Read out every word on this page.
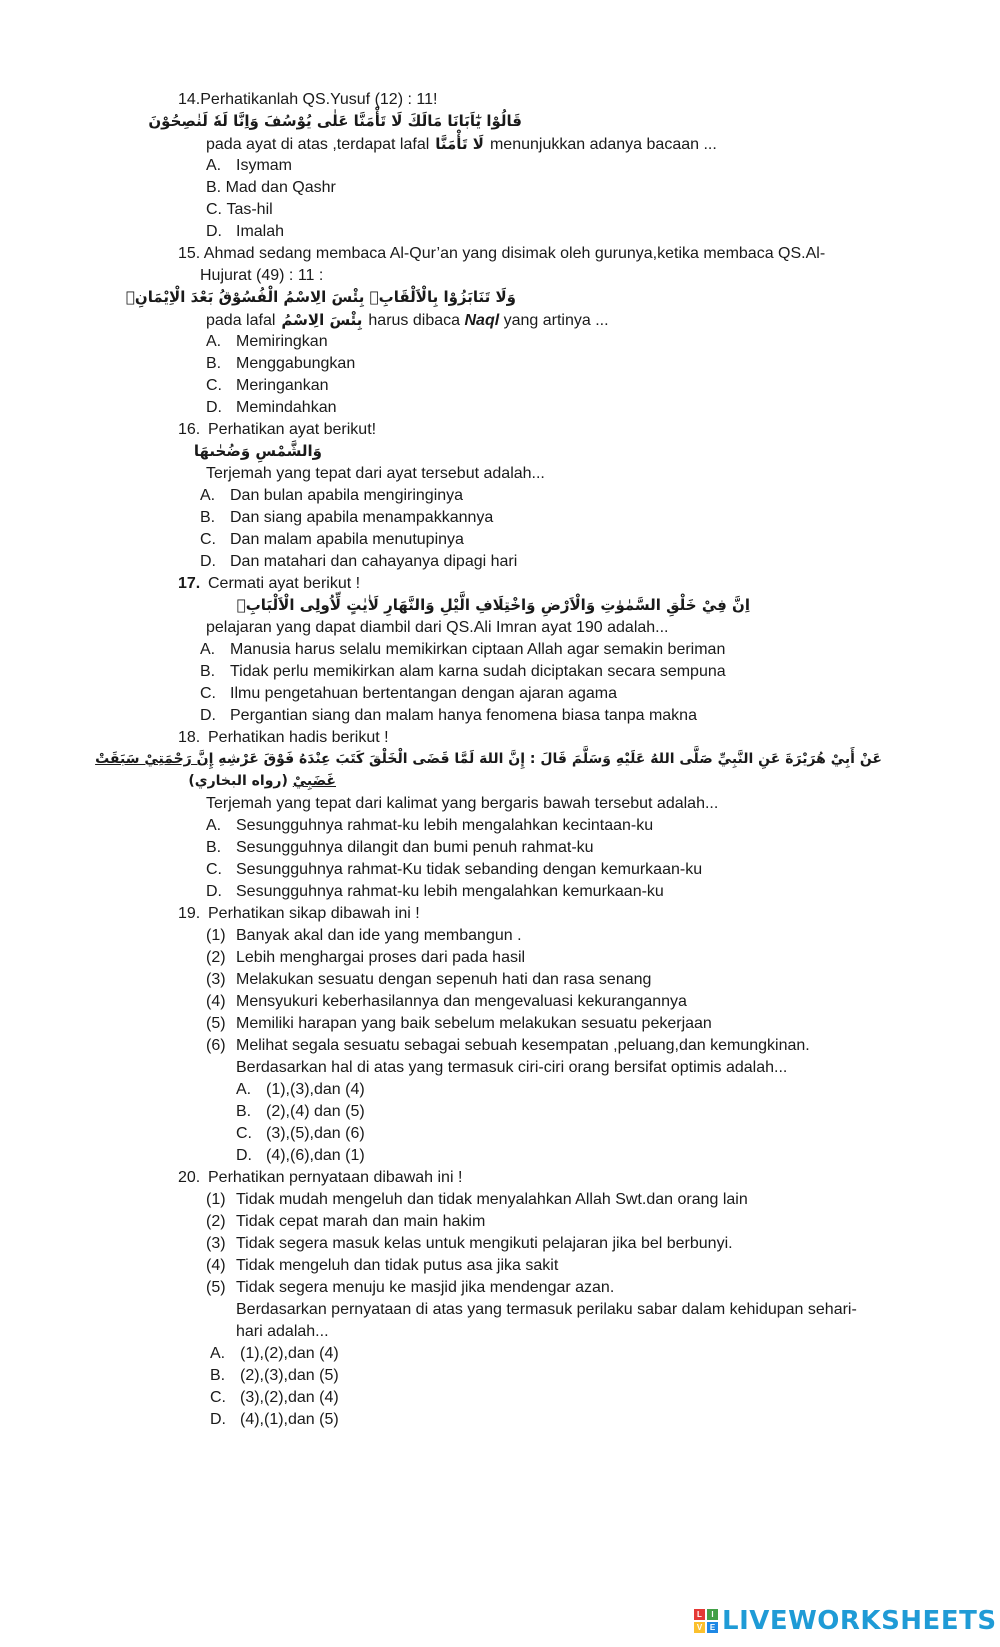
14.Perhatikanlah QS.Yusuf (12) : 11!
قَالُوْا يٰٓاَبَانَا مَالَكَ لَا تَأْمَنَّا عَلٰى يُوْسُفَ وَاِنَّا لَهٗ لَنٰصِحُوْنَ
pada ayat di atas ,terdapat lafal لَا تَأْمَنَّا menunjukkan adanya bacaan ...
A. Isymam
B. Mad dan Qashr
C. Tas-hil
D. Imalah
15. Ahmad sedang membaca Al-Qur’an yang disimak oleh gurunya,ketika membaca QS.Al-
Hujurat (49) : 11 :
وَلَا تَنَابَزُوْا بِالْاَلْقَابِۗ بِئْسَ الِاسْمُ الْفُسُوْقُ بَعْدَ الْاِيْمَانِۚ
pada lafal بِئْسَ الِاسْمُ harus dibaca Naql yang artinya ...
A. Memiringkan
B. Menggabungkan
C. Meringankan
D. Memindahkan
16. Perhatikan ayat berikut!
وَالشَّمْسِ وَضُحٰىهَا
Terjemah yang tepat dari ayat tersebut adalah...
A. Dan bulan apabila mengiringinya
B. Dan siang apabila menampakkannya
C. Dan malam apabila menutupinya
D. Dan matahari dan cahayanya dipagi hari
17. Cermati ayat berikut !
اِنَّ فِيْ خَلْقِ السَّمٰوٰتِ وَالْاَرْضِ وَاخْتِلَافِ الَّيْلِ وَالنَّهَارِ لَاٰيٰتٍ لِّاُولِى الْاَلْبَابِۙ
pelajaran yang dapat diambil dari QS.Ali Imran ayat 190 adalah...
A. Manusia harus selalu memikirkan ciptaan Allah agar semakin beriman
B. Tidak perlu memikirkan alam karna sudah diciptakan secara sempuna
C. Ilmu pengetahuan bertentangan dengan ajaran agama
D. Pergantian siang dan malam hanya fenomena biasa tanpa makna
18. Perhatikan hadis berikut !
عَنْ أَبِيْ هُرَيْرَةَ عَنِ النَّبِيِّ صَلَّى اللهُ عَلَيْهِ وَسَلَّمَ قَالَ : إِنَّ اللهَ لَمَّا قَضَى الْخَلْقَ كَتَبَ عِنْدَهُ فَوْقَ عَرْشِهِ إِنَّ رَحْمَتِيْ سَبَقَتْ
غَضَبِيْ (رواه البخاري)
Terjemah yang tepat dari kalimat yang bergaris bawah tersebut adalah...
A. Sesungguhnya rahmat-ku lebih mengalahkan kecintaan-ku
B. Sesungguhnya dilangit dan bumi penuh rahmat-ku
C. Sesungguhnya rahmat-Ku tidak sebanding dengan kemurkaan-ku
D. Sesungguhnya rahmat-ku lebih mengalahkan kemurkaan-ku
19. Perhatikan sikap dibawah ini !
(1) Banyak akal dan ide yang membangun .
(2) Lebih menghargai proses dari pada hasil
(3) Melakukan sesuatu dengan sepenuh hati dan rasa senang
(4) Mensyukuri keberhasilannya dan mengevaluasi kekurangannya
(5) Memiliki harapan yang baik sebelum melakukan sesuatu pekerjaan
(6) Melihat segala sesuatu sebagai sebuah kesempatan ,peluang,dan kemungkinan.
Berdasarkan hal di atas yang termasuk ciri-ciri orang bersifat optimis adalah...
A. (1),(3),dan (4)
B. (2),(4) dan (5)
C. (3),(5),dan (6)
D. (4),(6),dan (1)
20. Perhatikan pernyataan dibawah ini !
(1) Tidak mudah mengeluh dan tidak menyalahkan Allah Swt.dan orang lain
(2) Tidak cepat marah dan main hakim
(3) Tidak segera masuk kelas untuk mengikuti pelajaran jika bel berbunyi.
(4) Tidak mengeluh dan tidak putus asa jika sakit
(5) Tidak segera menuju ke masjid jika mendengar azan.
Berdasarkan pernyataan di atas yang termasuk perilaku sabar dalam kehidupan sehari-
hari adalah...
A. (1),(2),dan (4)
B. (2),(3),dan (5)
C. (3),(2),dan (4)
D. (4),(1),dan (5)
L	I
V E LIVEWORKSHEETS
